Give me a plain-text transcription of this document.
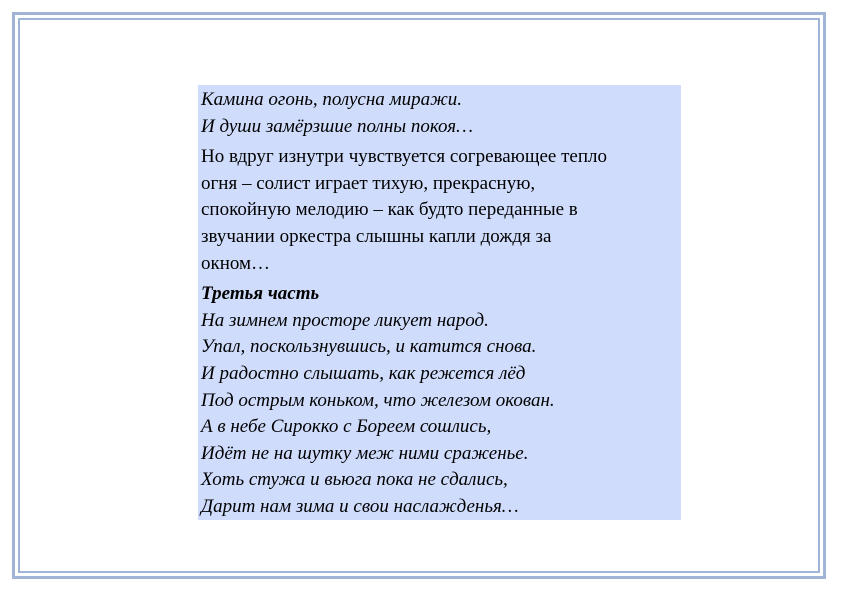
Камина огонь, полусна миражи.
И души замёрзшие полны покоя…
Но вдруг изнутри чувствуется согревающее тепло
огня – солист играет тихую, прекрасную,
спокойную мелодию – как будто переданные в
звучании оркестра слышны капли дождя за
окном…
Третья часть
На зимнем просторе ликует народ.
Упал, поскользнувшись, и катится снова.
И радостно слышать, как режется лёд
Под острым коньком, что железом окован.
А в небе Сирокко с Бореем сошлись,
Идёт не на шутку меж ними сраженье.
Хоть стужа и вьюга пока не сдались,
Дарит нам зима и свои наслажденья…
